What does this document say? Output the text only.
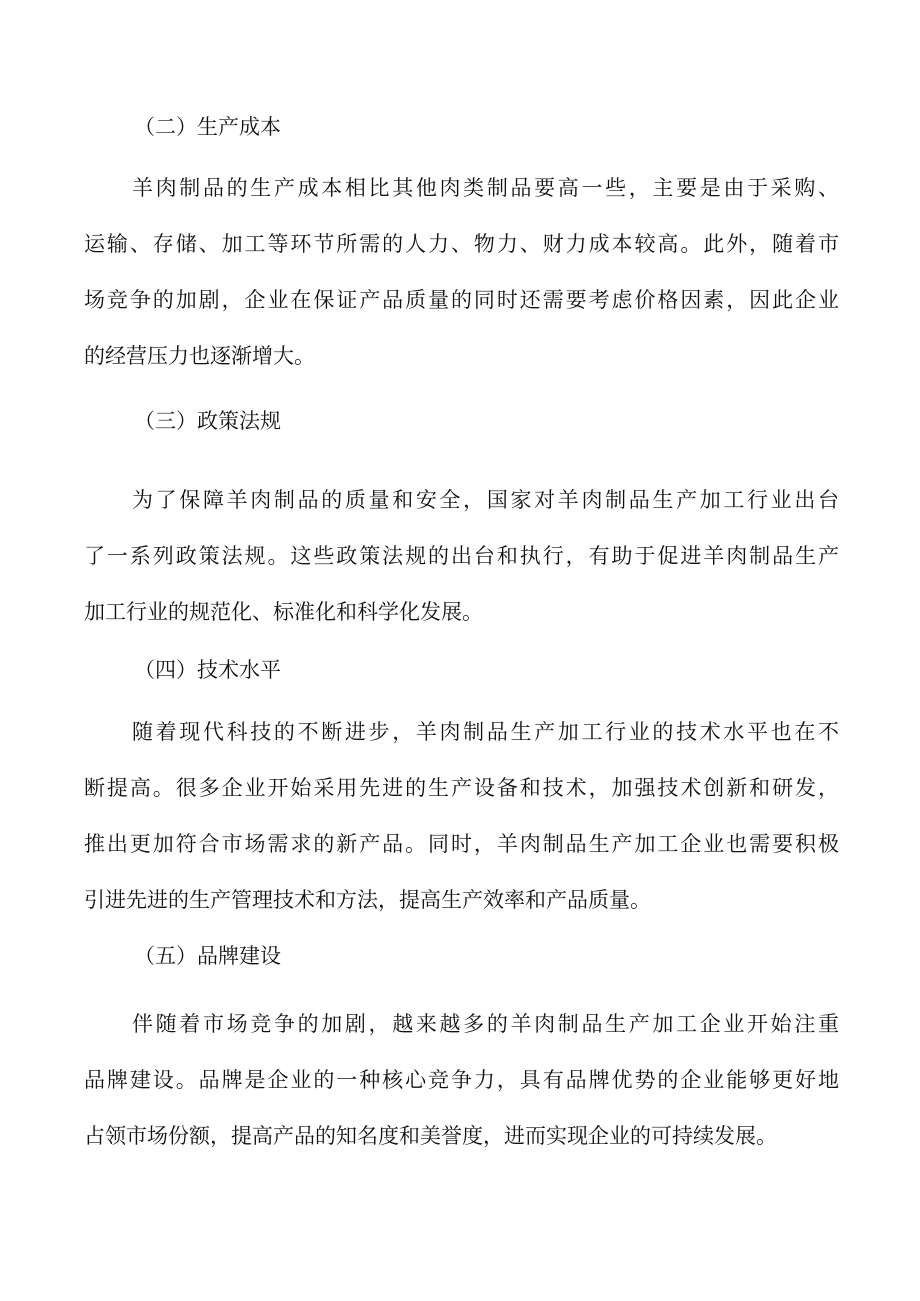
（二）生产成本
羊肉制品的生产成本相比其他肉类制品要高一些，主要是由于采购、
运输、存储、加工等环节所需的人力、物力、财力成本较高。此外，随着市
场竞争的加剧，企业在保证产品质量的同时还需要考虑价格因素，因此企业
的经营压力也逐渐增大。
（三）政策法规
为了保障羊肉制品的质量和安全，国家对羊肉制品生产加工行业出台
了一系列政策法规。这些政策法规的出台和执行，有助于促进羊肉制品生产
加工行业的规范化、标准化和科学化发展。
（四）技术水平
随着现代科技的不断进步，羊肉制品生产加工行业的技术水平也在不
断提高。很多企业开始采用先进的生产设备和技术，加强技术创新和研发，
推出更加符合市场需求的新产品。同时，羊肉制品生产加工企业也需要积极
引进先进的生产管理技术和方法，提高生产效率和产品质量。
（五）品牌建设
伴随着市场竞争的加剧，越来越多的羊肉制品生产加工企业开始注重
品牌建设。品牌是企业的一种核心竞争力，具有品牌优势的企业能够更好地
占领市场份额，提高产品的知名度和美誉度，进而实现企业的可持续发展。
